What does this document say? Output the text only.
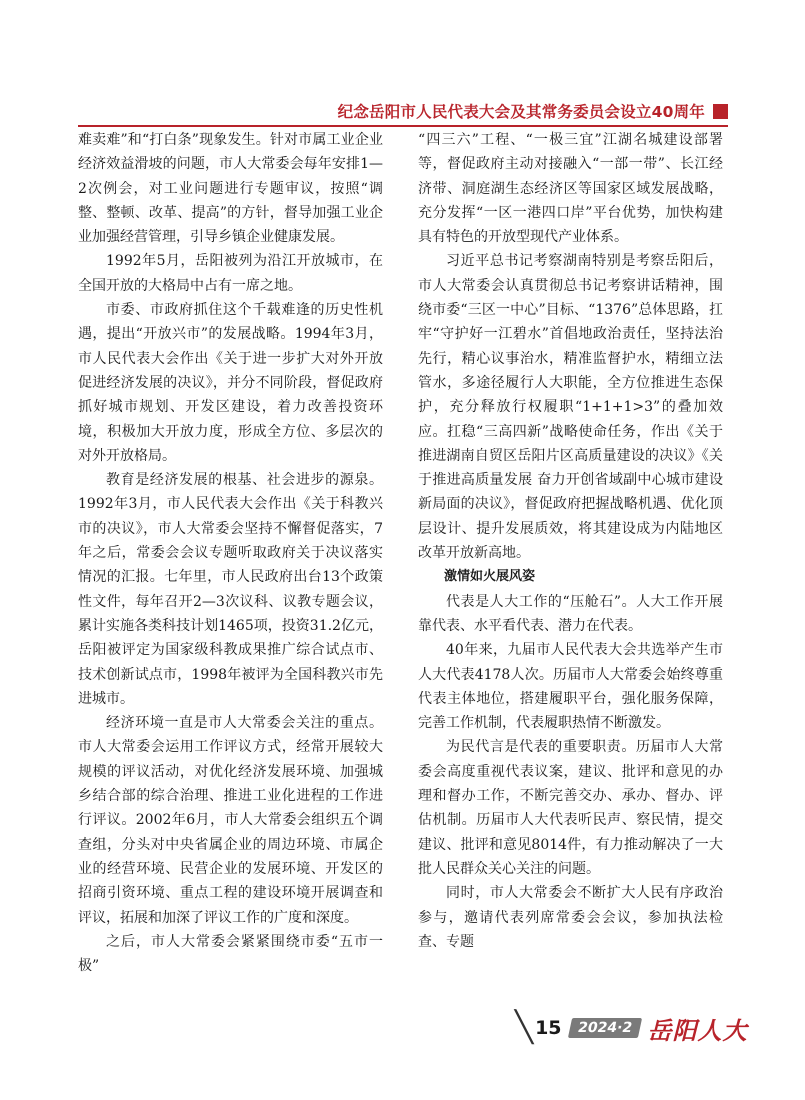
纪念岳阳市人民代表大会及其常务委员会设立40周年

难卖难”和“打白条”现象发生。针对市属工业企业经济效益滑坡的问题，市人大常委会每年安排1—2次例会，对工业问题进行专题审议，按照“调整、整顿、改革、提高”的方针，督导加强工业企业加强经营管理，引导乡镇企业健康发展。

1992年5月，岳阳被列为沿江开放城市，在全国开放的大格局中占有一席之地。

市委、市政府抓住这个千载难逢的历史性机遇，提出“开放兴市”的发展战略。1994年3月，市人民代表大会作出《关于进一步扩大对外开放促进经济发展的决议》，并分不同阶段，督促政府抓好城市规划、开发区建设，着力改善投资环境，积极加大开放力度，形成全方位、多层次的对外开放格局。

教育是经济发展的根基、社会进步的源泉。1992年3月，市人民代表大会作出《关于科教兴市的决议》，市人大常委会坚持不懈督促落实，7年之后，常委会会议专题听取政府关于决议落实情况的汇报。七年里，市人民政府出台13个政策性文件，每年召开2—3次议科、议教专题会议，累计实施各类科技计划1465项，投资31.2亿元，岳阳被评定为国家级科教成果推广综合试点市、技术创新试点市，1998年被评为全国科教兴市先进城市。

经济环境一直是市人大常委会关注的重点。市人大常委会运用工作评议方式，经常开展较大规模的评议活动，对优化经济发展环境、加强城乡结合部的综合治理、推进工业化进程的工作进行评议。2002年6月，市人大常委会组织五个调查组，分头对中央省属企业的周边环境、市属企业的经营环境、民营企业的发展环境、开发区的招商引资环境、重点工程的建设环境开展调查和评议，拓展和加深了评议工作的广度和深度。

之后，市人大常委会紧紧围绕市委“五市一极”

“四三六”工程、“一极三宜”江湖名城建设部署等，督促政府主动对接融入“一部一带”、长江经济带、洞庭湖生态经济区等国家区域发展战略，充分发挥“一区一港四口岸”平台优势，加快构建具有特色的开放型现代产业体系。

习近平总书记考察湖南特别是考察岳阳后，市人大常委会认真贯彻总书记考察讲话精神，围绕市委“三区一中心”目标、“1376”总体思路，扛牢“守护好一江碧水”首倡地政治责任，坚持法治先行，精心议事治水，精准监督护水，精细立法管水，多途径履行人大职能，全方位推进生态保护，充分释放行权履职“1+1+1>3”的叠加效应。扛稳“三高四新”战略使命任务，作出《关于推进湖南自贸区岳阳片区高质量建设的决议》《关于推进高质量发展 奋力开创省域副中心城市建设新局面的决议》，督促政府把握战略机遇、优化顶层设计、提升发展质效，将其建设成为内陆地区改革开放新高地。

激情如火展风姿

代表是人大工作的“压舱石”。人大工作开展靠代表、水平看代表、潜力在代表。

40年来，九届市人民代表大会共选举产生市人大代表4178人次。历届市人大常委会始终尊重代表主体地位，搭建履职平台，强化服务保障，完善工作机制，代表履职热情不断激发。

为民代言是代表的重要职责。历届市人大常委会高度重视代表议案，建议、批评和意见的办理和督办工作，不断完善交办、承办、督办、评估机制。历届市人大代表听民声、察民情，提交建议、批评和意见8014件，有力推动解决了一大批人民群众关心关注的问题。

同时，市人大常委会不断扩大人民有序政治参与，邀请代表列席常委会会议，参加执法检查、专题

╲ 15	2024·2 岳阳人大
